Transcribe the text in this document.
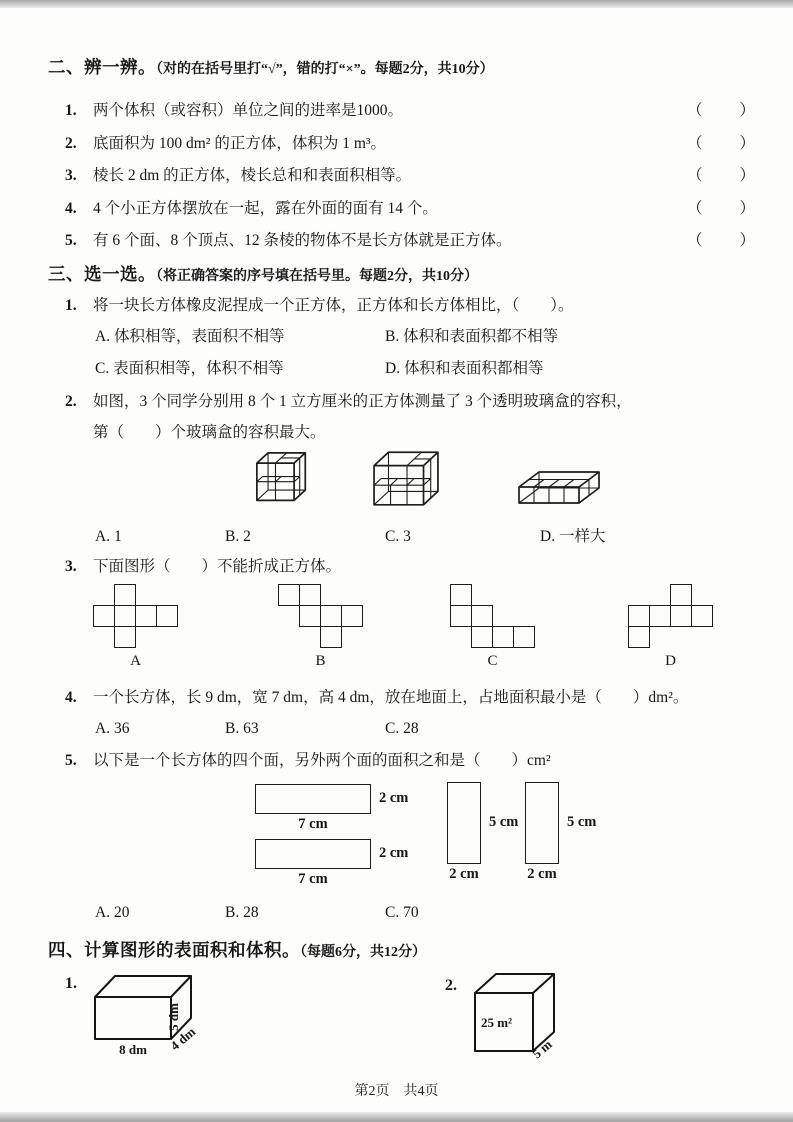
二、辨一辨。（对的在括号里打“√”，错的打“×”。每题2分，共10分）
1.	两个体积（或容积）单位之间的进率是1000。	（　　）
2.	底面积为 100 dm² 的正方体，体积为 1 m³。	（　　）
3.	棱长 2 dm 的正方体，棱长总和和表面积相等。	（　　）
4.	4 个小正方体摆放在一起，露在外面的面有 14 个。	（　　）
5.	有 6 个面、8 个顶点、12 条棱的物体不是长方体就是正方体。	（　　）
三、选一选。（将正确答案的序号填在括号里。每题2分，共10分）
1.	将一块长方体橡皮泥捏成一个正方体，正方体和长方体相比，（　　）。
A. 体积相等，表面积不相等	B. 体积和表面积都不相等
C. 表面积相等，体积不相等	D. 体积和表面积都相等
2.	如图，3 个同学分别用 8 个 1 立方厘米的正方体测量了 3 个透明玻璃盒的容积，
第（　　）个玻璃盒的容积最大。
A. 1	B. 2	C. 3	D. 一样大
3.	下面图形（　　）不能折成正方体。
A	B	C	D
4.	一个长方体，长 9 dm，宽 7 dm，高 4 dm，放在地面上，占地面积最小是（　　）dm²。
A. 36	B. 63	C. 28
5.	以下是一个长方体的四个面，另外两个面的面积之和是（　　）cm²
2 cm
7 cm
2 cm
7 cm
5 cm
2 cm
5 cm
2 cm
A. 20	B. 28	C. 70
四、计算图形的表面积和体积。（每题6分，共12分）
1.
8 dm
5 dm
4 dm
2.
25 m²
5 m
第2页　共4页
